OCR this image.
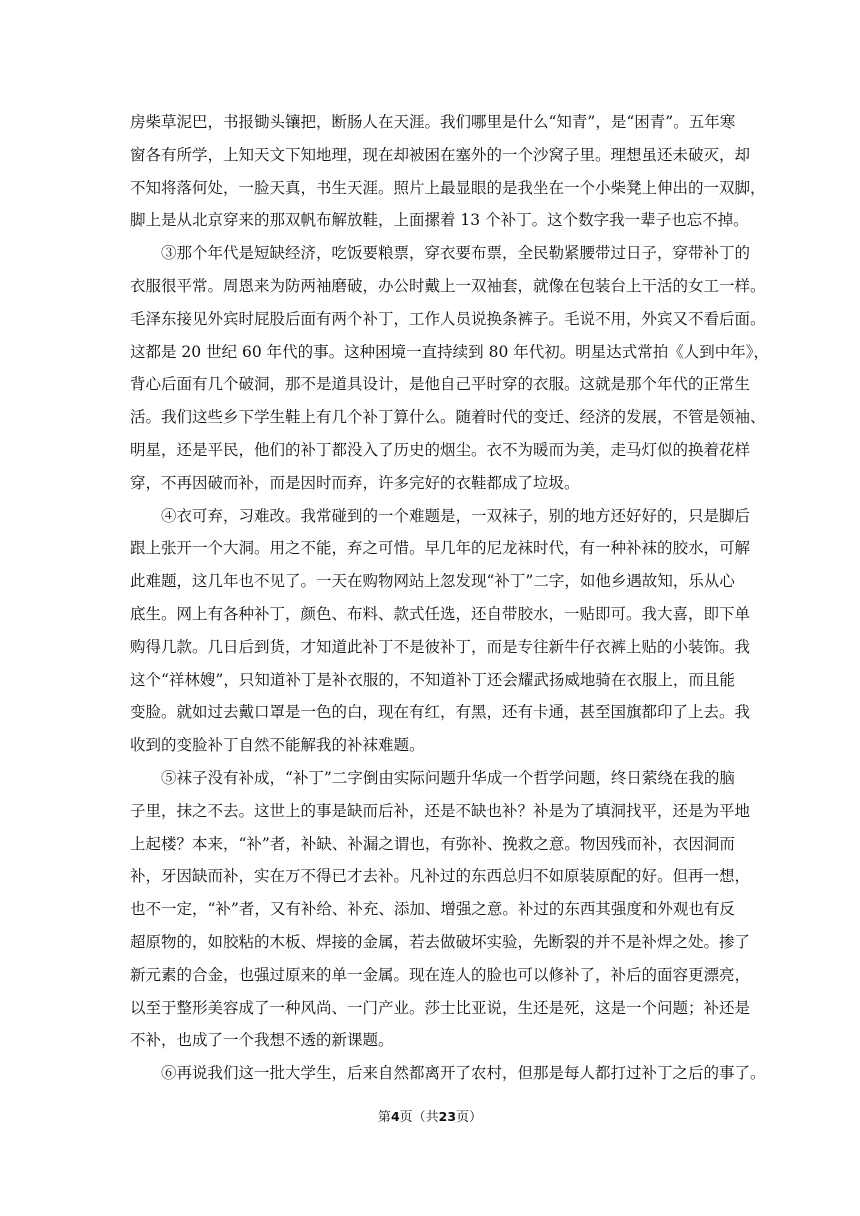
房柴草泥巴，书报锄头镶把，断肠人在天涯。我们哪里是什么“知青”，是“困青”。五年寒
窗各有所学，上知天文下知地理，现在却被困在塞外的一个沙窝子里。理想虽还未破灭，却
不知将落何处，一脸天真，书生天涯。照片上最显眼的是我坐在一个小柴凳上伸出的一双脚，
脚上是从北京穿来的那双帆布解放鞋，上面摞着 13 个补丁。这个数字我一辈子也忘不掉。
③那个年代是短缺经济，吃饭要粮票，穿衣要布票，全民勒紧腰带过日子，穿带补丁的
衣服很平常。周恩来为防两袖磨破，办公时戴上一双袖套，就像在包装台上干活的女工一样。
毛泽东接见外宾时屁股后面有两个补丁，工作人员说换条裤子。毛说不用，外宾又不看后面。
这都是 20 世纪 60 年代的事。这种困境一直持续到 80 年代初。明星达式常拍《人到中年》，
背心后面有几个破洞，那不是道具设计，是他自己平时穿的衣服。这就是那个年代的正常生
活。我们这些乡下学生鞋上有几个补丁算什么。随着时代的变迁、经济的发展，不管是领袖、
明星，还是平民，他们的补丁都没入了历史的烟尘。衣不为暖而为美，走马灯似的换着花样
穿，不再因破而补，而是因时而弃，许多完好的衣鞋都成了垃圾。
④衣可弃，习难改。我常碰到的一个难题是，一双袜子，别的地方还好好的，只是脚后
跟上张开一个大洞。用之不能，弃之可惜。早几年的尼龙袜时代，有一种补袜的胶水，可解
此难题，这几年也不见了。一天在购物网站上忽发现“补丁”二字，如他乡遇故知，乐从心
底生。网上有各种补丁，颜色、布料、款式任选，还自带胶水，一贴即可。我大喜，即下单
购得几款。几日后到货，才知道此补丁不是彼补丁，而是专往新牛仔衣裤上贴的小装饰。我
这个“祥林嫂”，只知道补丁是补衣服的，不知道补丁还会耀武扬威地骑在衣服上，而且能
变脸。就如过去戴口罩是一色的白，现在有红，有黑，还有卡通，甚至国旗都印了上去。我
收到的变脸补丁自然不能解我的补袜难题。
⑤袜子没有补成，“补丁”二字倒由实际问题升华成一个哲学问题，终日萦绕在我的脑
子里，抹之不去。这世上的事是缺而后补，还是不缺也补？补是为了填洞找平，还是为平地
上起楼？本来，“补”者，补缺、补漏之谓也，有弥补、挽救之意。物因残而补，衣因洞而
补，牙因缺而补，实在万不得已才去补。凡补过的东西总归不如原装原配的好。但再一想，
也不一定，“补”者，又有补给、补充、添加、增强之意。补过的东西其强度和外观也有反
超原物的，如胶粘的木板、焊接的金属，若去做破坏实验，先断裂的并不是补焊之处。掺了
新元素的合金，也强过原来的单一金属。现在连人的脸也可以修补了，补后的面容更漂亮，
以至于整形美容成了一种风尚、一门产业。莎士比亚说，生还是死，这是一个问题；补还是
不补，也成了一个我想不透的新课题。
⑥再说我们这一批大学生，后来自然都离开了农村，但那是每人都打过补丁之后的事了。
第4页（共23页）
